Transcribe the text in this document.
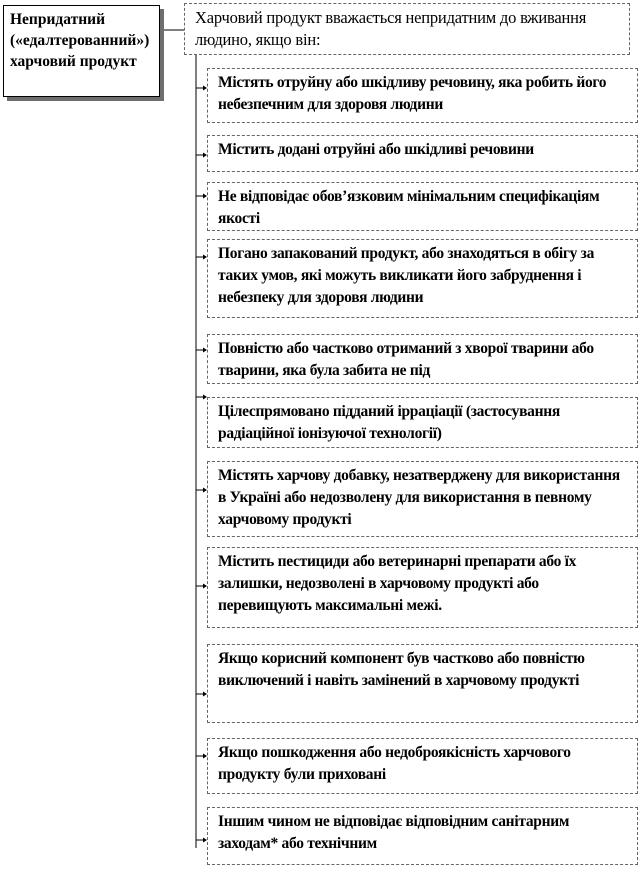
Непридатний («едалтерованний») харчовий продукт
Харчовий продукт вважається непридатним до вживання людино, якщо він:
Містять отруйну або шкідливу речовину, яка робить його небезпечним для здоровя людини
Містить додані отруйні або шкідливі речовини
Не відповідає обов’язковим мінімальним специфікаціям якості
Погано запакований продукт, або знаходяться в обігу за таких умов, які можуть викликати його забруднення і небезпеку для здоровя людини
Повністю або частково отриманий з хворої тварини або тварини, яка була забита не під
Цілеспрямовано підданий ірраціації (застосування радіаційної іонізуючої технології)
Містять харчову добавку, незатверджену для використання в Україні або недозволену для використання в певному харчовому продукті
Містить пестициди або ветеринарні препарати або їх залишки, недозволені в харчовому продукті або перевищують максимальні межі.
Якщо корисний компонент був частково або повністю виключений і навіть замінений в харчовому продукті
Якщо пошкодження або недоброякісність харчового продукту були приховані
Іншим чином не відповідає відповідним санітарним заходам* або технічним
